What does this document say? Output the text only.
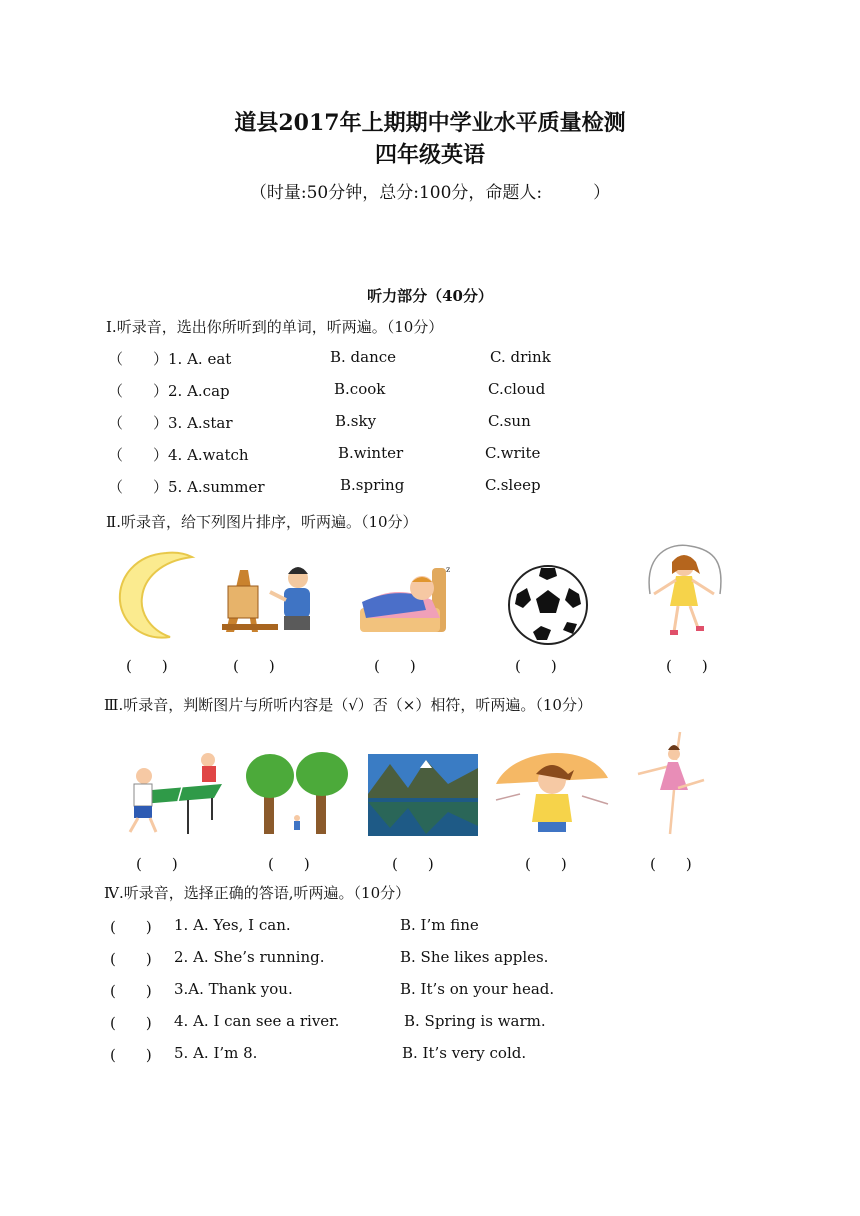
道县2017年上期期中学业水平质量检测
四年级英语
（时量:50分钟，总分:100分，命题人:　　　）
听力部分（40分）
Ⅰ.听录音，选出你所听到的单词，听两遍。（10分）
（　　）1. A. eat	B. dance	C. drink
（　　）2. A.cap	B.cook	C.cloud
（　　）3. A.star	B.sky	C.sun
（　　）4. A.watch	B.winter	C.write
（　　）5. A.summer	B.spring	C.sleep
Ⅱ.听录音，给下列图片排序，听两遍。（10分）
z
(　　)	(　　)	(　　)	(　　)	(　　)
Ⅲ.听录音，判断图片与所听内容是（√）否（×）相符，听两遍。（10分）
(　　)	(　　)	(　　)	(　　)	(　　)
Ⅳ.听录音，选择正确的答语,听两遍。（10分）
(　　) 1. A. Yes, I can.	B. I’m fine
(　　) 2. A. She’s running.	B. She likes apples.
(　　) 3.A. Thank you.	B. It’s on your head.
(　　) 4. A. I can see a river.	B. Spring is warm.
(　　) 5. A. I’m 8.	B. It’s very cold.
